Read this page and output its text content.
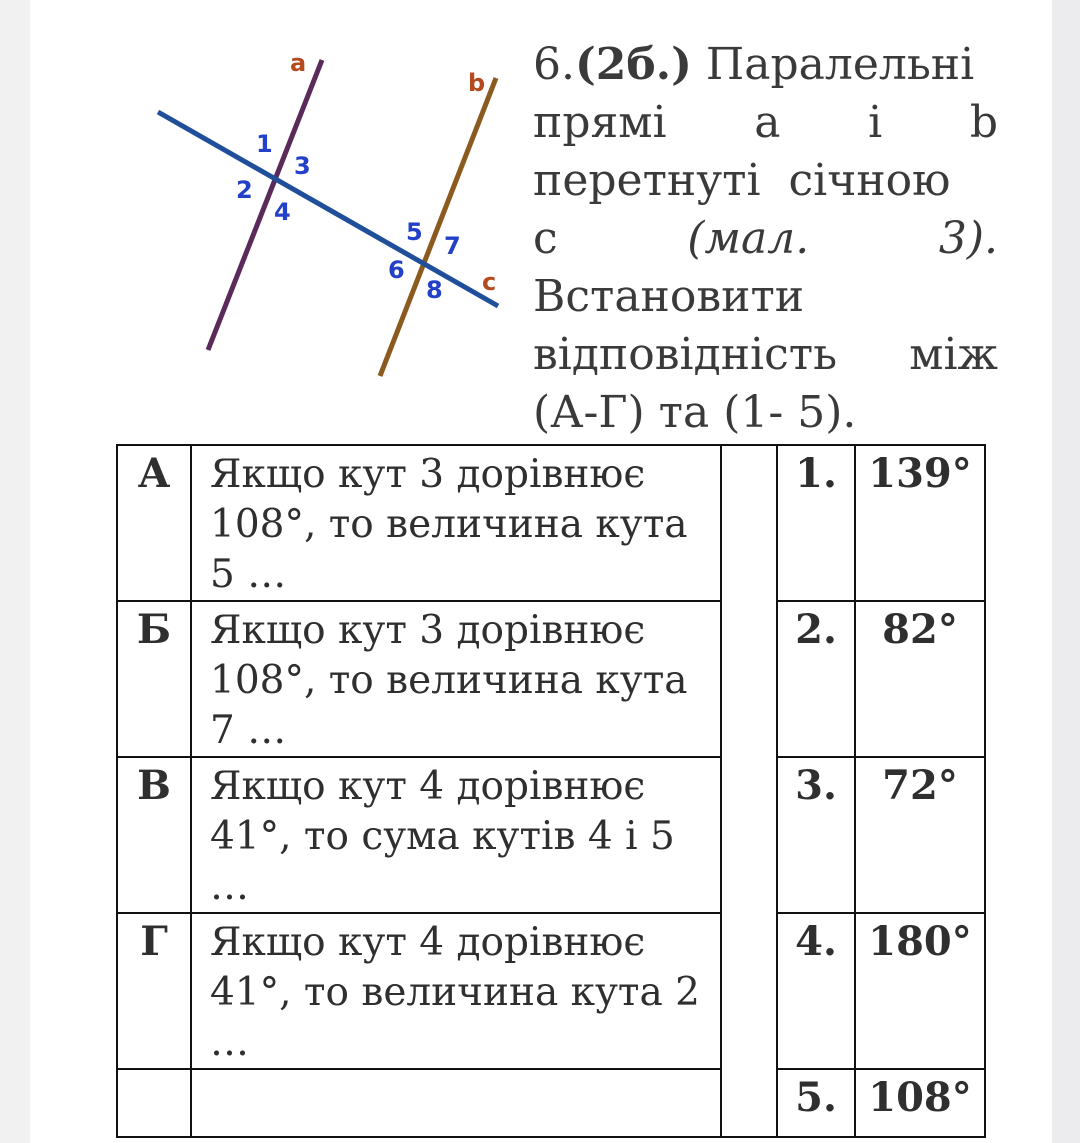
a
b
c
1
2
3
4
5
6
7
8
6.(2б.) Паралельні
прямі а і b
перетнуті січною
с	(мал.	3).
Встановити
відповідність між
(А-Г) та (1- 5).
А	Якщо кут 3 дорівнює 108°, то величина кута 5 …		1.	139°
Б	Якщо кут 3 дорівнює 108°, то величина кута 7 …		2.	82°
В	Якщо кут 4 дорівнює 41°, то сума кутів 4 і 5 …		3.	72°
Г	Якщо кут 4 дорівнює 41°, то величина кута 2 …		4.	180°
			5.	108°
